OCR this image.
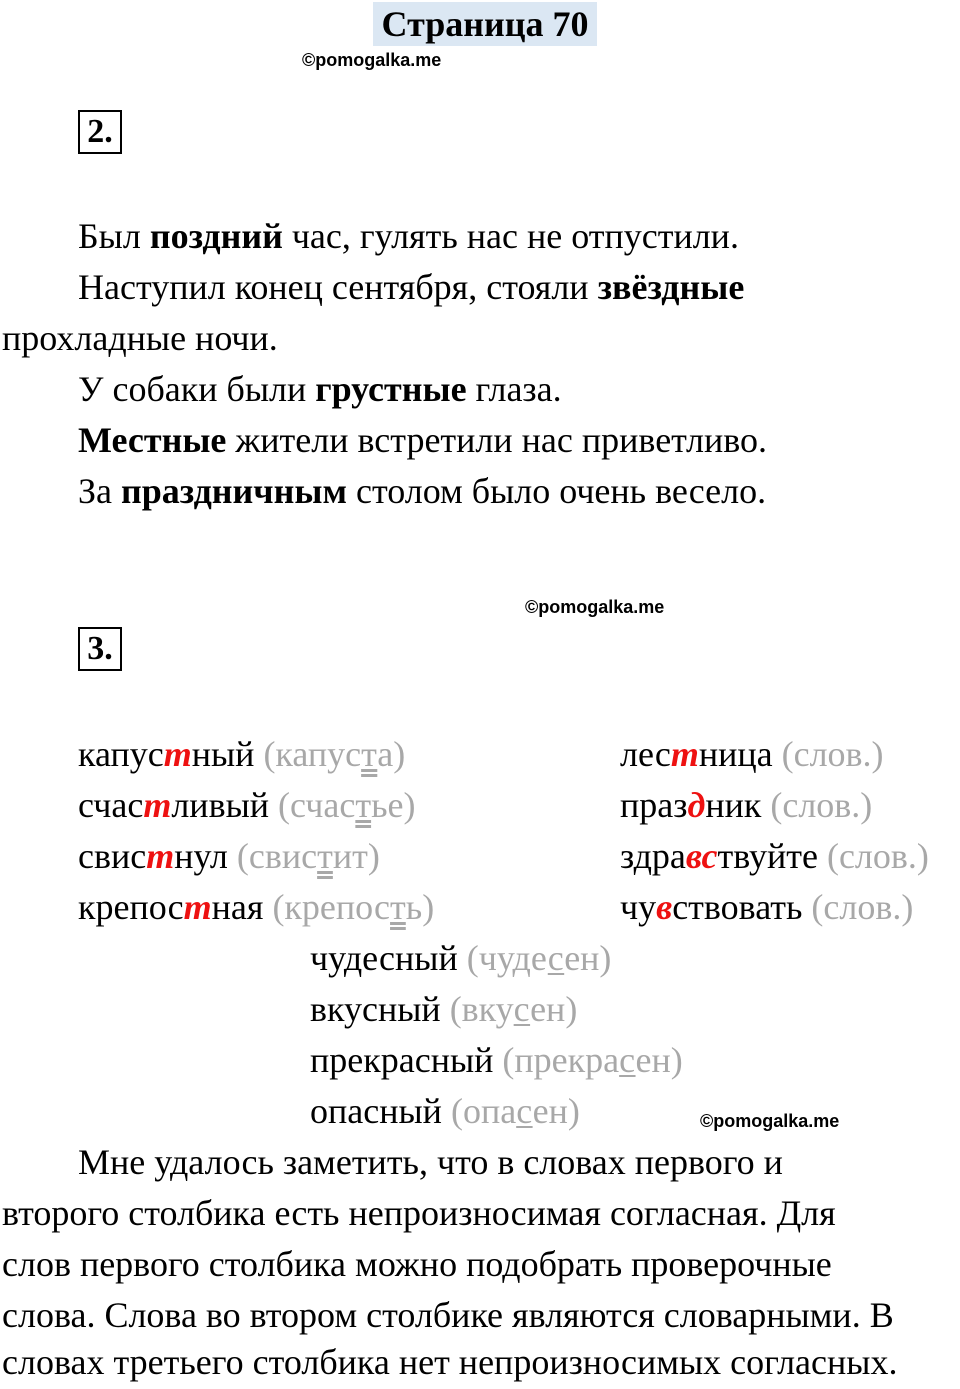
Страница 70
©pomogalka.me
2.
Был поздний час, гулять нас не отпустили.
Наступил конец сентября, стояли звёздные
прохладные ночи.
У собаки были грустные глаза.
Местные жители встретили нас приветливо.
За праздничным столом было очень весело.
©pomogalka.me
3.
капустный (капуста)
счастливый (счастье)
свистнул (свистит)
крепостная (крепость)
лестница (слов.)
праздник (слов.)
здравствуйте (слов.)
чувствовать (слов.)
чудесный (чудесен)
вкусный (вкусен)
прекрасный (прекрасен)
опасный (опасен)	©pomogalka.me
Мне удалось заметить, что в словах первого и
второго столбика есть непроизносимая согласная. Для
слов первого столбика можно подобрать проверочные
слова. Слова во втором столбике являются словарными. В
словах третьего столбика нет непроизносимых согласных.
